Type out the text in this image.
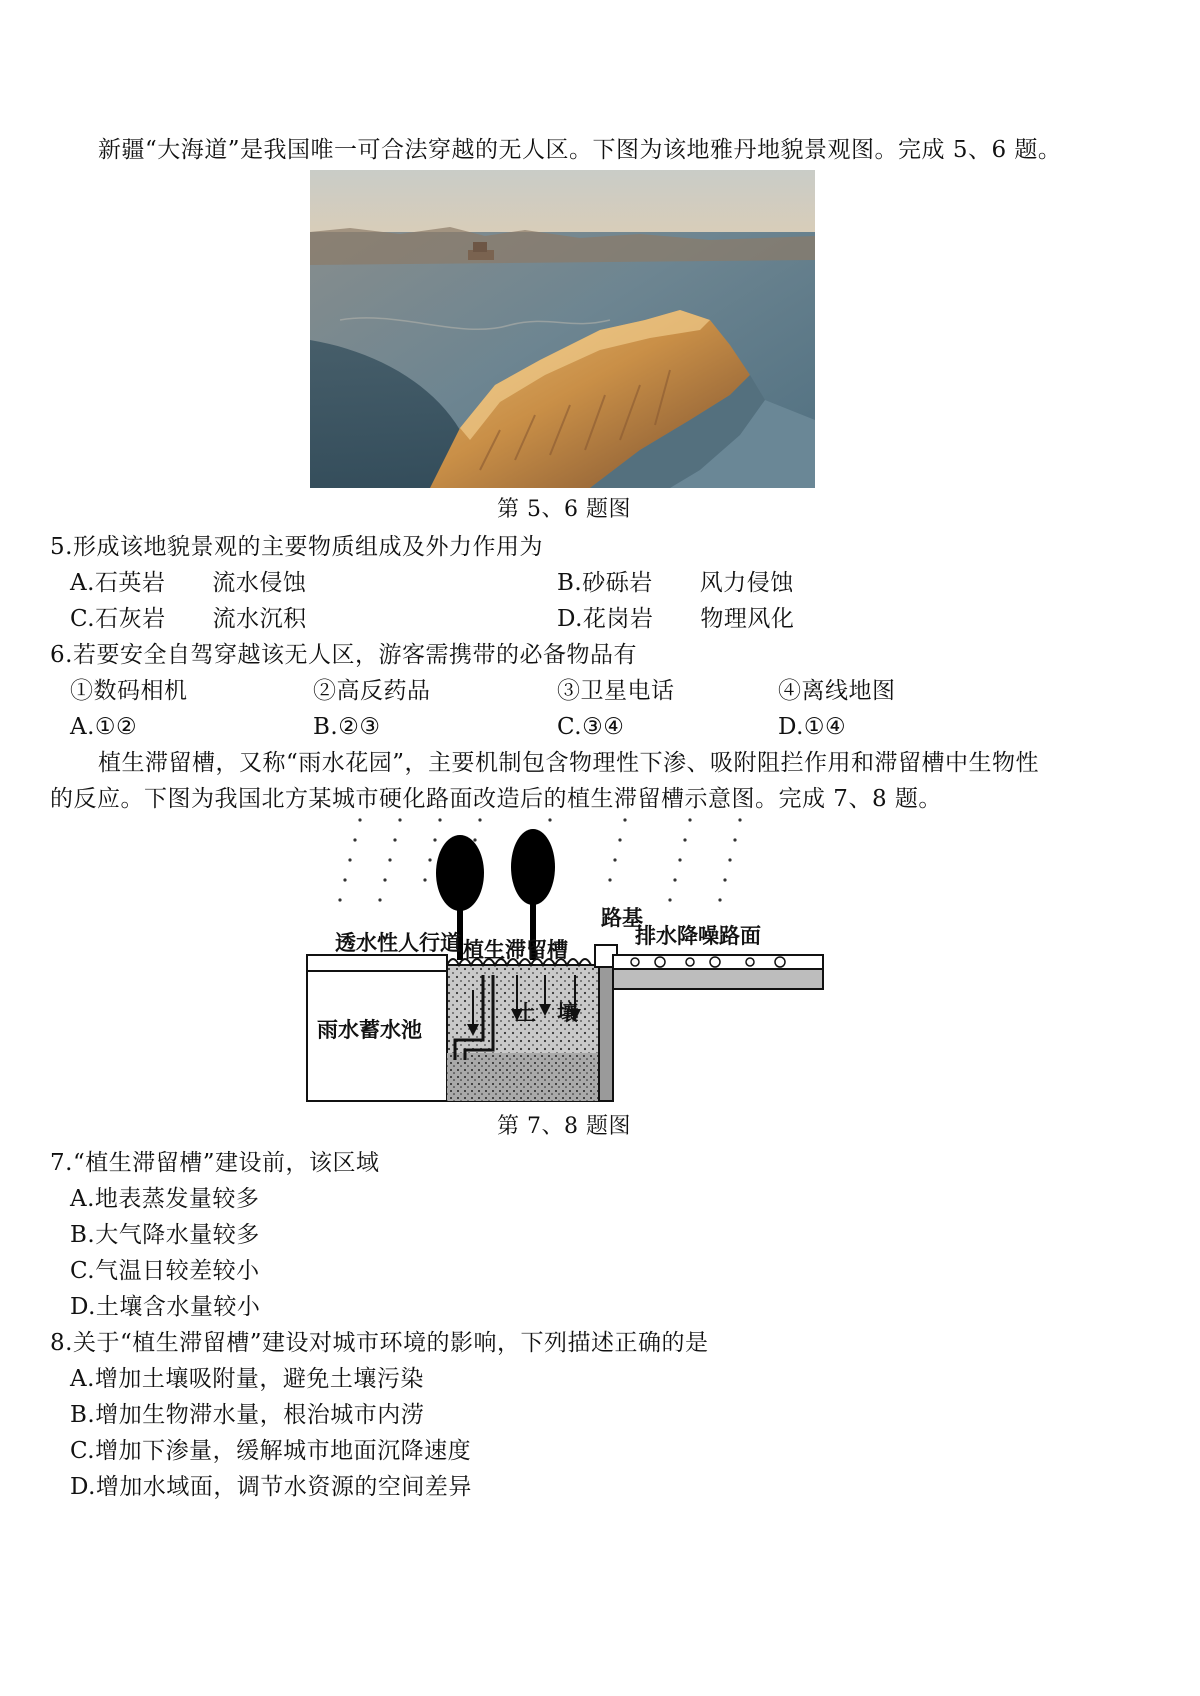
新疆“大海道”是我国唯一可合法穿越的无人区。下图为该地雅丹地貌景观图。完成 5、6 题。

第 5、6 题图

5.形成该地貌景观的主要物质组成及外力作用为

A.石英岩　　流水侵蚀	B.砂砾岩　　风力侵蚀

C.石灰岩　　流水沉积	D.花岗岩　　物理风化

6.若要安全自驾穿越该无人区，游客需携带的必备物品有

①数码相机	②高反药品	③卫星电话	④离线地图

A.①②	B.②③	C.③④	D.①④

植生滞留槽，又称“雨水花园”，主要机制包含物理性下渗、吸附阻拦作用和滞留槽中生物性

的反应。下图为我国北方某城市硬化路面改造后的植生滞留槽示意图。完成 7、8 题。

透水性人行道 植生滞留槽
路基
排水降噪路面
土　壤
雨水蓄水池

第 7、8 题图

7.“植生滞留槽”建设前，该区域

A.地表蒸发量较多

B.大气降水量较多

C.气温日较差较小

D.土壤含水量较小

8.关于“植生滞留槽”建设对城市环境的影响，下列描述正确的是

A.增加土壤吸附量，避免土壤污染

B.增加生物滞水量，根治城市内涝

C.增加下渗量，缓解城市地面沉降速度

D.增加水域面，调节水资源的空间差异
